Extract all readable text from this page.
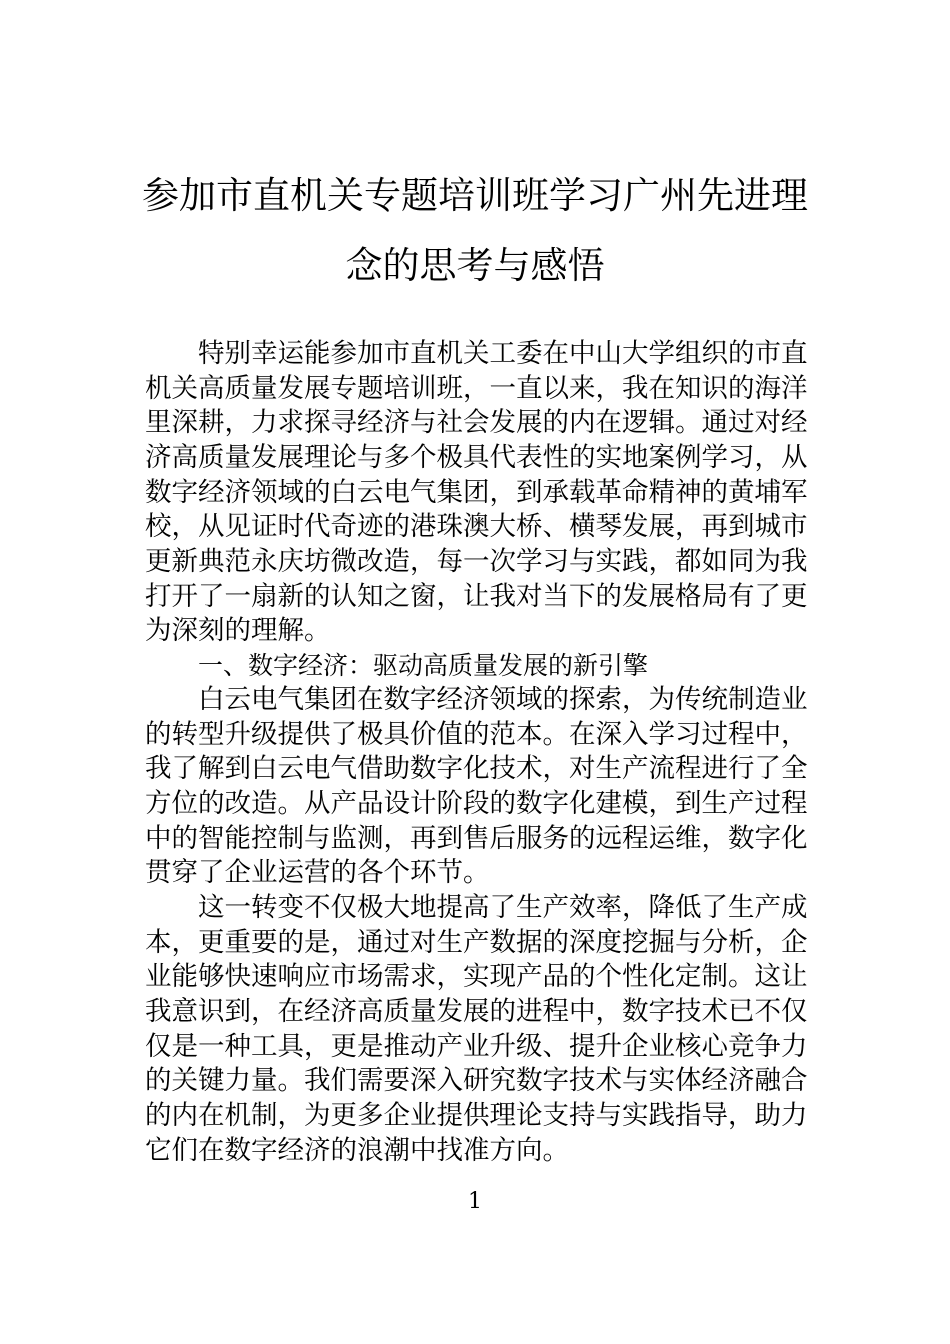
参加市直机关专题培训班学习广州先进理
念的思考与感悟
特别幸运能参加市直机关工委在中山大学组织的市直
机关高质量发展专题培训班，一直以来，我在知识的海洋
里深耕，力求探寻经济与社会发展的内在逻辑。通过对经
济高质量发展理论与多个极具代表性的实地案例学习，从
数字经济领域的白云电气集团，到承载革命精神的黄埔军
校，从见证时代奇迹的港珠澳大桥、横琴发展，再到城市
更新典范永庆坊微改造，每一次学习与实践，都如同为我
打开了一扇新的认知之窗，让我对当下的发展格局有了更
为深刻的理解。
一、数字经济：驱动高质量发展的新引擎
白云电气集团在数字经济领域的探索，为传统制造业
的转型升级提供了极具价值的范本。在深入学习过程中，
我了解到白云电气借助数字化技术，对生产流程进行了全
方位的改造。从产品设计阶段的数字化建模，到生产过程
中的智能控制与监测，再到售后服务的远程运维，数字化
贯穿了企业运营的各个环节。
这一转变不仅极大地提高了生产效率，降低了生产成
本，更重要的是，通过对生产数据的深度挖掘与分析，企
业能够快速响应市场需求，实现产品的个性化定制。这让
我意识到，在经济高质量发展的进程中，数字技术已不仅
仅是一种工具，更是推动产业升级、提升企业核心竞争力
的关键力量。我们需要深入研究数字技术与实体经济融合
的内在机制，为更多企业提供理论支持与实践指导，助力
它们在数字经济的浪潮中找准方向。
1
